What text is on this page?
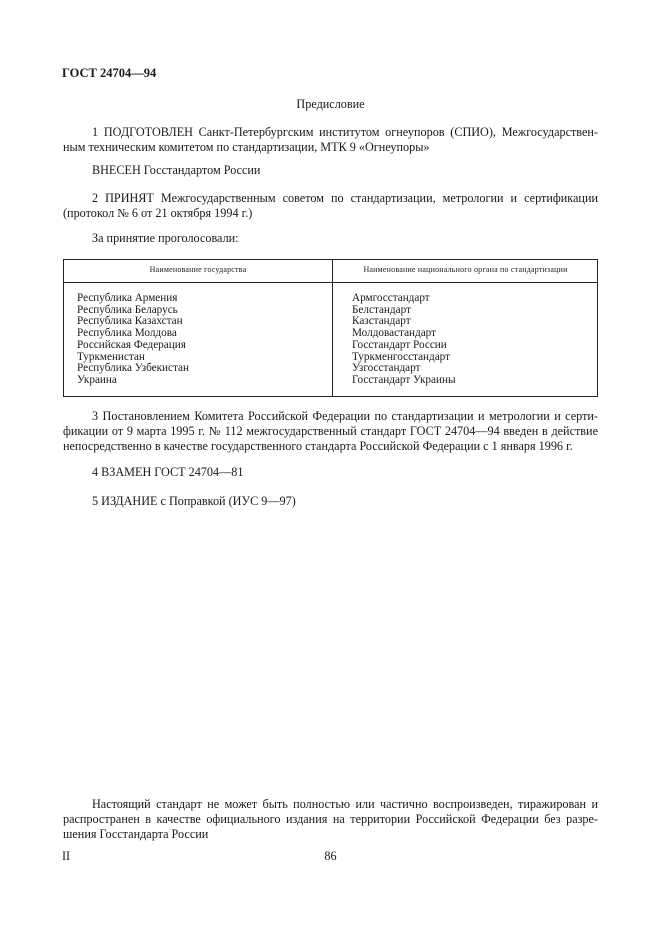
ГОСТ 24704—94
Предисловие
1 ПОДГОТОВЛЕН Санкт-Петербургским институтом огнеупоров (СПИО), Межгосударствен-ным техническим комитетом по стандартизации, МТК 9 «Огнеупоры»
ВНЕСЕН Госстандартом России
2 ПРИНЯТ Межгосударственным советом по стандартизации, метрологии и сертификации (протокол № 6 от 21 октября 1994 г.)
За принятие проголосовали:
Наименование государства	Наименование национального органа по стандартизации
Республика Армения
Республика Беларусь
Республика Казахстан
Республика Молдова
Российская Федерация
Туркменистан
Республика Узбекистан
Украина
Армгосстандарт
Белстандарт
Казстандарт
Молдовастандарт
Госстандарт России
Туркменгосстандарт
Узгосстандарт
Госстандарт Украины
3 Постановлением Комитета Российской Федерации по стандартизации и метрологии и серти-фикации от 9 марта 1995 г. № 112 межгосударственный стандарт ГОСТ 24704—94 введен в действие непосредственно в качестве государственного стандарта Российской Федерации с 1 января 1996 г.
4 ВЗАМЕН ГОСТ 24704—81
5 ИЗДАНИЕ с Поправкой (ИУС 9—97)
Настоящий стандарт не может быть полностью или частично воспроизведен, тиражирован и распространен в качестве официального издания на территории Российской Федерации без разре-шения Госстандарта России
II	86
